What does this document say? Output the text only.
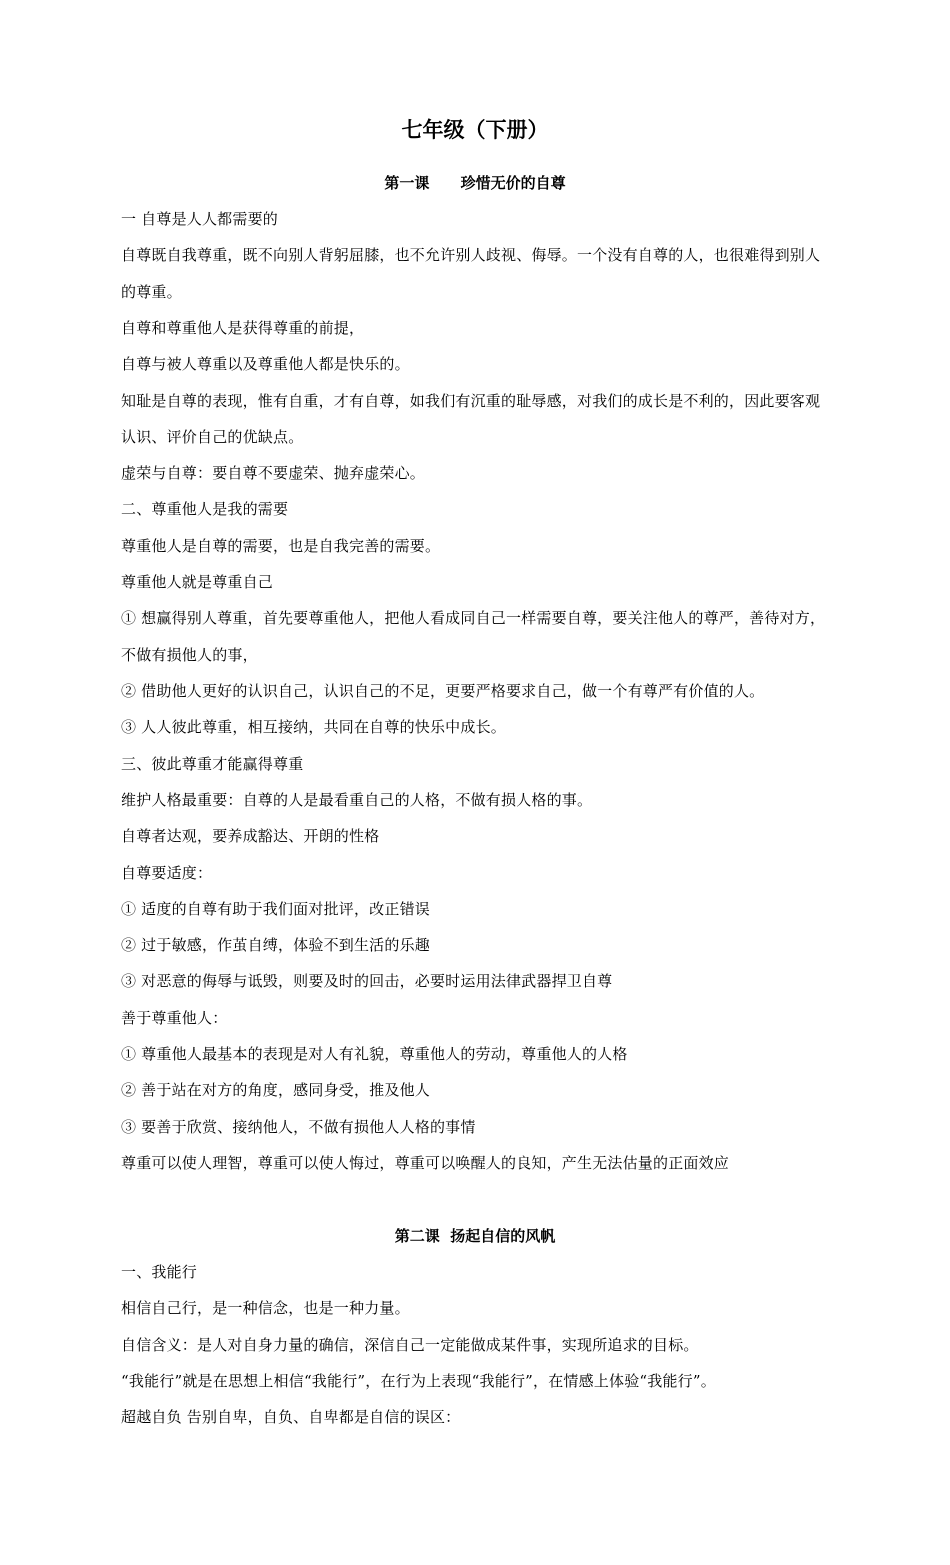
七年级（下册）
第一课      珍惜无价的自尊
一 自尊是人人都需要的
自尊既自我尊重，既不向别人背躬屈膝，也不允许别人歧视、侮辱。一个没有自尊的人，也很难得到别人
的尊重。
自尊和尊重他人是获得尊重的前提，
自尊与被人尊重以及尊重他人都是快乐的。
知耻是自尊的表现，惟有自重，才有自尊，如我们有沉重的耻辱感，对我们的成长是不利的，因此要客观
认识、评价自己的优缺点。
虚荣与自尊：要自尊不要虚荣、抛弃虚荣心。
二、尊重他人是我的需要
尊重他人是自尊的需要，也是自我完善的需要。
尊重他人就是尊重自己
① 想赢得别人尊重，首先要尊重他人，把他人看成同自己一样需要自尊，要关注他人的尊严，善待对方，
不做有损他人的事，
② 借助他人更好的认识自己，认识自己的不足，更要严格要求自己，做一个有尊严有价值的人。
③ 人人彼此尊重，相互接纳，共同在自尊的快乐中成长。
三、彼此尊重才能赢得尊重
维护人格最重要：自尊的人是最看重自己的人格，不做有损人格的事。
自尊者达观，要养成豁达、开朗的性格
自尊要适度：
① 适度的自尊有助于我们面对批评，改正错误
② 过于敏感，作茧自缚，体验不到生活的乐趣
③ 对恶意的侮辱与诋毁，则要及时的回击，必要时运用法律武器捍卫自尊
善于尊重他人：
① 尊重他人最基本的表现是对人有礼貌，尊重他人的劳动，尊重他人的人格
② 善于站在对方的角度，感同身受，推及他人
③ 要善于欣赏、接纳他人，不做有损他人人格的事情
尊重可以使人理智，尊重可以使人悔过，尊重可以唤醒人的良知，产生无法估量的正面效应
第二课  扬起自信的风帆
一、我能行
相信自己行，是一种信念，也是一种力量。
自信含义：是人对自身力量的确信，深信自己一定能做成某件事，实现所追求的目标。
“我能行”就是在思想上相信“我能行”，在行为上表现“我能行”，在情感上体验“我能行”。
超越自负 告别自卑，自负、自卑都是自信的误区：
